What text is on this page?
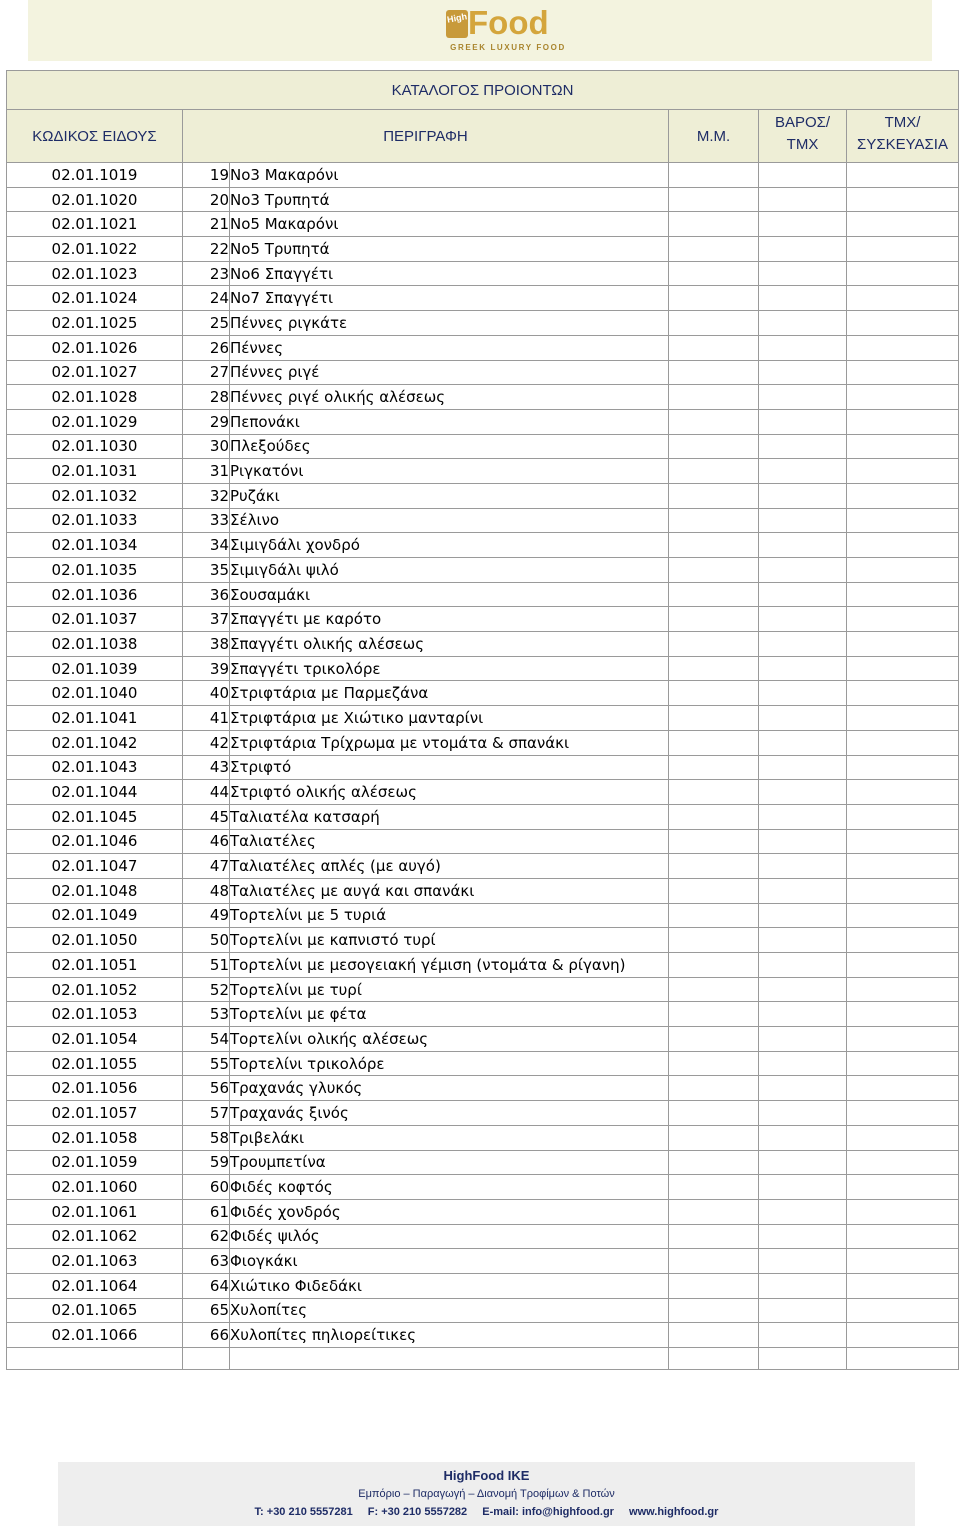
High Food
GREEK LUXURY FOOD
ΚΑΤΑΛΟΓΟΣ ΠΡΟΙΟΝΤΩΝ					
ΚΩΔΙΚΟΣ ΕΙΔΟΥΣ	ΠΕΡΙΓΡΑΦΗ		Μ.Μ.	ΒΑΡΟΣ/ ΤΜΧ	ΤΜΧ/ ΣΥΣΚΕΥΑΣΙΑ
02.01.1019	19	Νο3 Μακαρόνι			
02.01.1020	20	Νο3 Τρυπητά			
02.01.1021	21	Νο5 Μακαρόνι			
02.01.1022	22	Νο5 Τρυπητά			
02.01.1023	23	Νο6 Σπαγγέτι			
02.01.1024	24	Νο7 Σπαγγέτι			
02.01.1025	25	Πέννες ριγκάτε			
02.01.1026	26	Πέννες			
02.01.1027	27	Πέννες ριγέ			
02.01.1028	28	Πέννες ριγέ ολικής αλέσεως			
02.01.1029	29	Πεπονάκι			
02.01.1030	30	Πλεξούδες			
02.01.1031	31	Ριγκατόνι			
02.01.1032	32	Ρυζάκι			
02.01.1033	33	Σέλινο			
02.01.1034	34	Σιμιγδάλι χονδρό			
02.01.1035	35	Σιμιγδάλι ψιλό			
02.01.1036	36	Σουσαμάκι			
02.01.1037	37	Σπαγγέτι με καρότο			
02.01.1038	38	Σπαγγέτι ολικής αλέσεως			
02.01.1039	39	Σπαγγέτι τρικολόρε			
02.01.1040	40	Στριφτάρια με Παρμεζάνα			
02.01.1041	41	Στριφτάρια με Χιώτικο μανταρίνι			
02.01.1042	42	Στριφτάρια Τρίχρωμα με ντομάτα & σπανάκι			
02.01.1043	43	Στριφτό			
02.01.1044	44	Στριφτό ολικής αλέσεως			
02.01.1045	45	Ταλιατέλα κατσαρή			
02.01.1046	46	Ταλιατέλες			
02.01.1047	47	Ταλιατέλες απλές (με αυγό)			
02.01.1048	48	Ταλιατέλες με αυγά και σπανάκι			
02.01.1049	49	Τορτελίνι με 5 τυριά			
02.01.1050	50	Τορτελίνι με καπνιστό τυρί			
02.01.1051	51	Τορτελίνι με μεσογειακή γέμιση (ντομάτα & ρίγανη)			
02.01.1052	52	Τορτελίνι με τυρί			
02.01.1053	53	Τορτελίνι με φέτα			
02.01.1054	54	Τορτελίνι ολικής αλέσεως			
02.01.1055	55	Τορτελίνι τρικολόρε			
02.01.1056	56	Τραχανάς γλυκός			
02.01.1057	57	Τραχανάς ξινός			
02.01.1058	58	Τριβελάκι			
02.01.1059	59	Τρουμπετίνα			
02.01.1060	60	Φιδές κοφτός			
02.01.1061	61	Φιδές χονδρός			
02.01.1062	62	Φιδές ψιλός			
02.01.1063	63	Φιογκάκι			
02.01.1064	64	Χιώτικο Φιδεδάκι			
02.01.1065	65	Χυλοπίτες			
02.01.1066	66	Χυλοπίτες πηλιορείτικες			

HighFood IKE
Εμπόριο – Παραγωγή – Διανομή Τροφίμων & Ποτών
T: +30 210 5557281 F: +30 210 5557282 E-mail: info@highfood.gr www.highfood.gr
